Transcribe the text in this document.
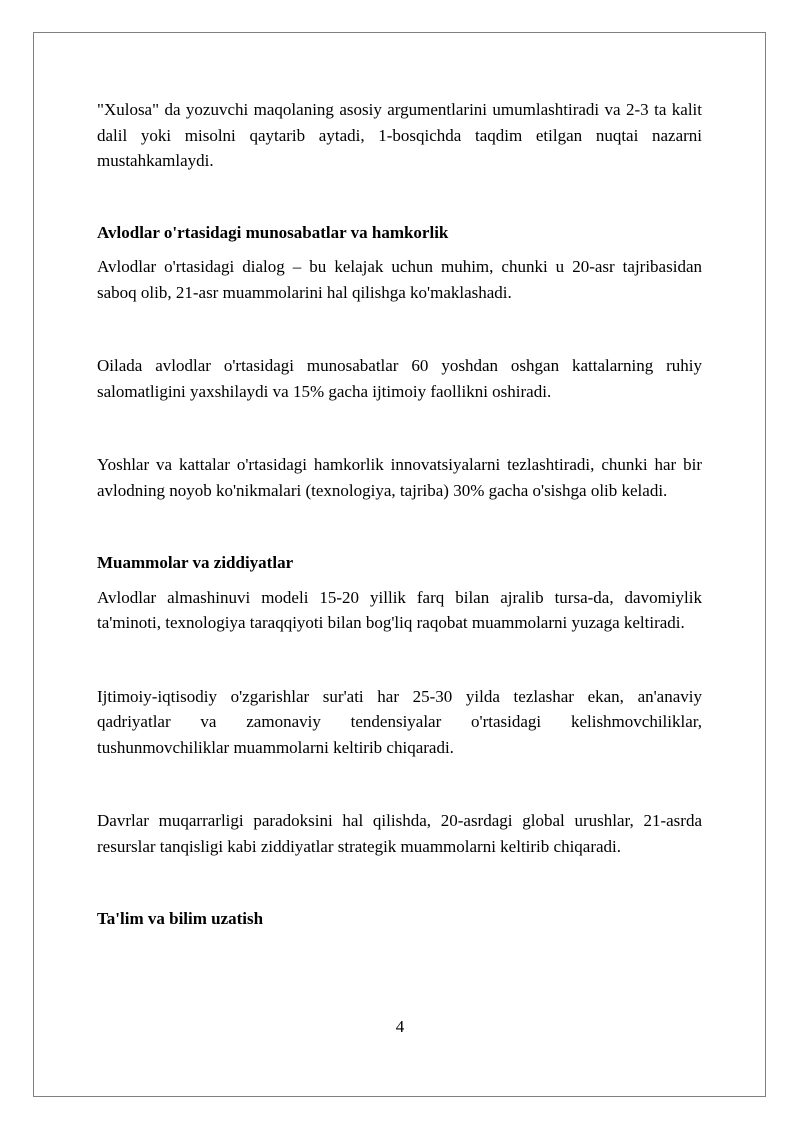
"Xulosa" da yozuvchi maqolaning asosiy argumentlarini umumlashtiradi va 2-3 ta kalit dalil yoki misolni qaytarib aytadi, 1-bosqichda taqdim etilgan nuqtai nazarni mustahkamlaydi.

Avlodlar o'rtasidagi munosabatlar va hamkorlik

Avlodlar o'rtasidagi dialog – bu kelajak uchun muhim, chunki u 20-asr tajribasidan saboq olib, 21-asr muammolarini hal qilishga ko'maklashadi.

Oilada avlodlar o'rtasidagi munosabatlar 60 yoshdan oshgan kattalarning ruhiy salomatligini yaxshilaydi va 15% gacha ijtimoiy faollikni oshiradi.

Yoshlar va kattalar o'rtasidagi hamkorlik innovatsiyalarni tezlashtiradi, chunki har bir avlodning noyob ko'nikmalari (texnologiya, tajriba) 30% gacha o'sishga olib keladi.

Muammolar va ziddiyatlar

Avlodlar almashinuvi modeli 15-20 yillik farq bilan ajralib tursa-da, davomiylik ta'minoti, texnologiya taraqqiyoti bilan bog'liq raqobat muammolarni yuzaga keltiradi.

Ijtimoiy-iqtisodiy o'zgarishlar sur'ati har 25-30 yilda tezlashar ekan, an'anaviy qadriyatlar va zamonaviy tendensiyalar o'rtasidagi kelishmovchiliklar, tushunmovchiliklar muammolarni keltirib chiqaradi.

Davrlar muqarrarligi paradoksini hal qilishda, 20-asrdagi global urushlar, 21-asrda resurslar tanqisligi kabi ziddiyatlar strategik muammolarni keltirib chiqaradi.

Ta'lim va bilim uzatish
4
